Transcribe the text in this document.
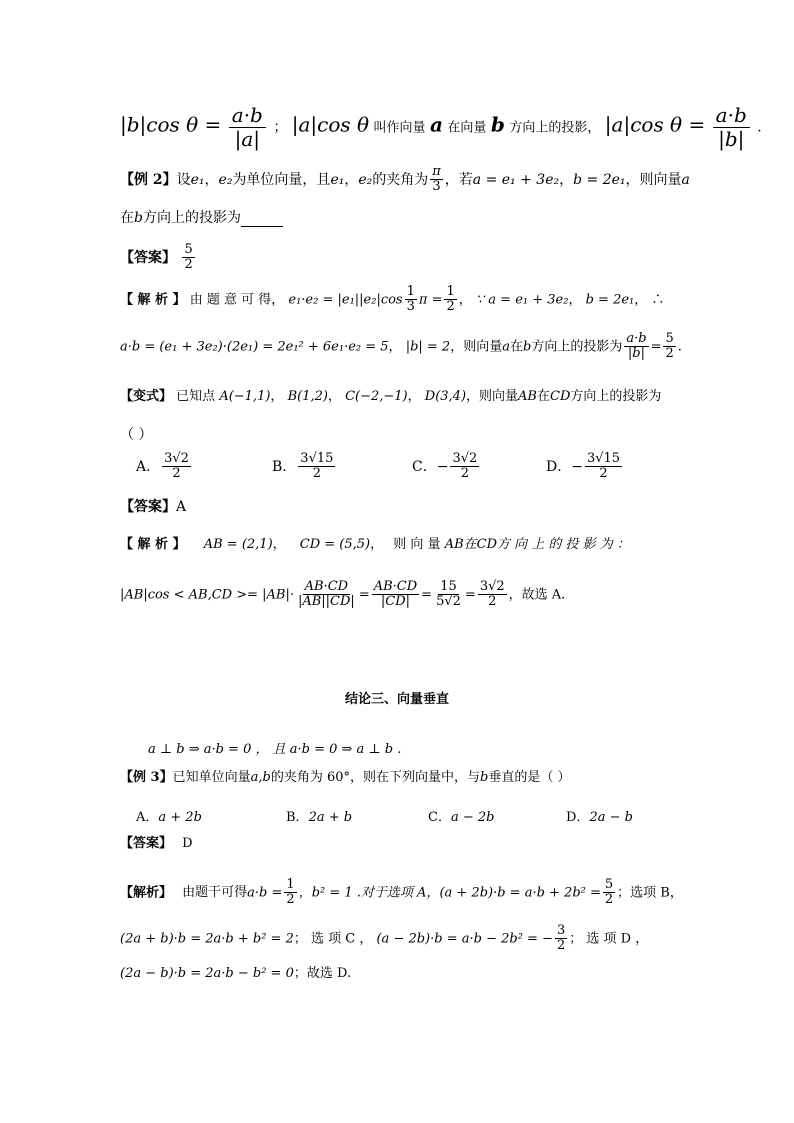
|b|cos $\theta = \frac{a\cdot b}{|a|}$ ； |a|cos θ 叫作向量 a 在向量 b 方向上的投影， |a|cos $\theta = \frac{a\cdot b}{|b|}$ .
【例 2】设e₁，e₂为单位向量，且e₁，e₂的夹角为 $\frac{\pi}{3}$ ，若a = e₁ + 3e₂，b = 2e₁，则向量a
在b方向上的投影为
【答案】 $\frac{5}{2}$
【 解 析 】 由 题 意 可 得， $e_1\cdot e_2 = |e_1||e_2|\cos \frac{1}{3}$ $\pi = \frac{1}{2}$ ， ∵ a = e₁ + 3e₂， b = 2e₁， ∴
a·b = (e₁ + 3e₂)·(2e₁) = 2e₁² + 6e₁·e₂ = 5， |b| = 2，则向量a在b方向上的投影为 $\frac{a\cdot b}{|b|} = \frac{5}{2}$ .
【变式】 已知点 A(−1,1)， B(1,2)， C(−2,−1)， D(3,4)，则向量AB在CD方向上的投影为
（ ）
A． $\frac{3√2}{2}$	B． $\frac{3√15}{2}$	C．− $\frac{3√2}{2}$	D．− $\frac{3√15}{2}$
【答案】A
【 解 析 】 AB = (2,1)， CD = (5,5)， 则 向 量 AB在CD方 向 上 的 投 影 为 ：
$|AB|\cos < AB,CD >= |AB|\cdot \frac{AB\cdot CD}{|AB||CD|} = \frac{AB\cdot CD}{|CD|} = \frac{15}{5√2} = \frac{3√2}{2}$ ，故选 A.
结论三、向量垂直
a ⊥ b ⇒ a·b = 0 ， 且 a·b = 0 ⇒ a ⊥ b .
【例 3】已知单位向量a,b的夹角为 60°，则在下列向量中，与b垂直的是（ ）
A．a + 2b	B．2a + b	C．a − 2b	D．2a − b
【答案】 D
【解析】 由题干可得$a\cdot b = \frac{1}{2}$ ，b² = 1 .对于选项 A，$(a + 2b)\cdot b = a\cdot b + 2b^2 = \frac{5}{2}$ ；选项 B，
(2a + b)·b = 2a·b + b² = 2； 选 项 C ， (a − 2b)·b = a·b − 2b² = − $\frac{3}{2}$ ； 选 项 D ，
(2a − b)·b = 2a·b − b² = 0；故选 D.
